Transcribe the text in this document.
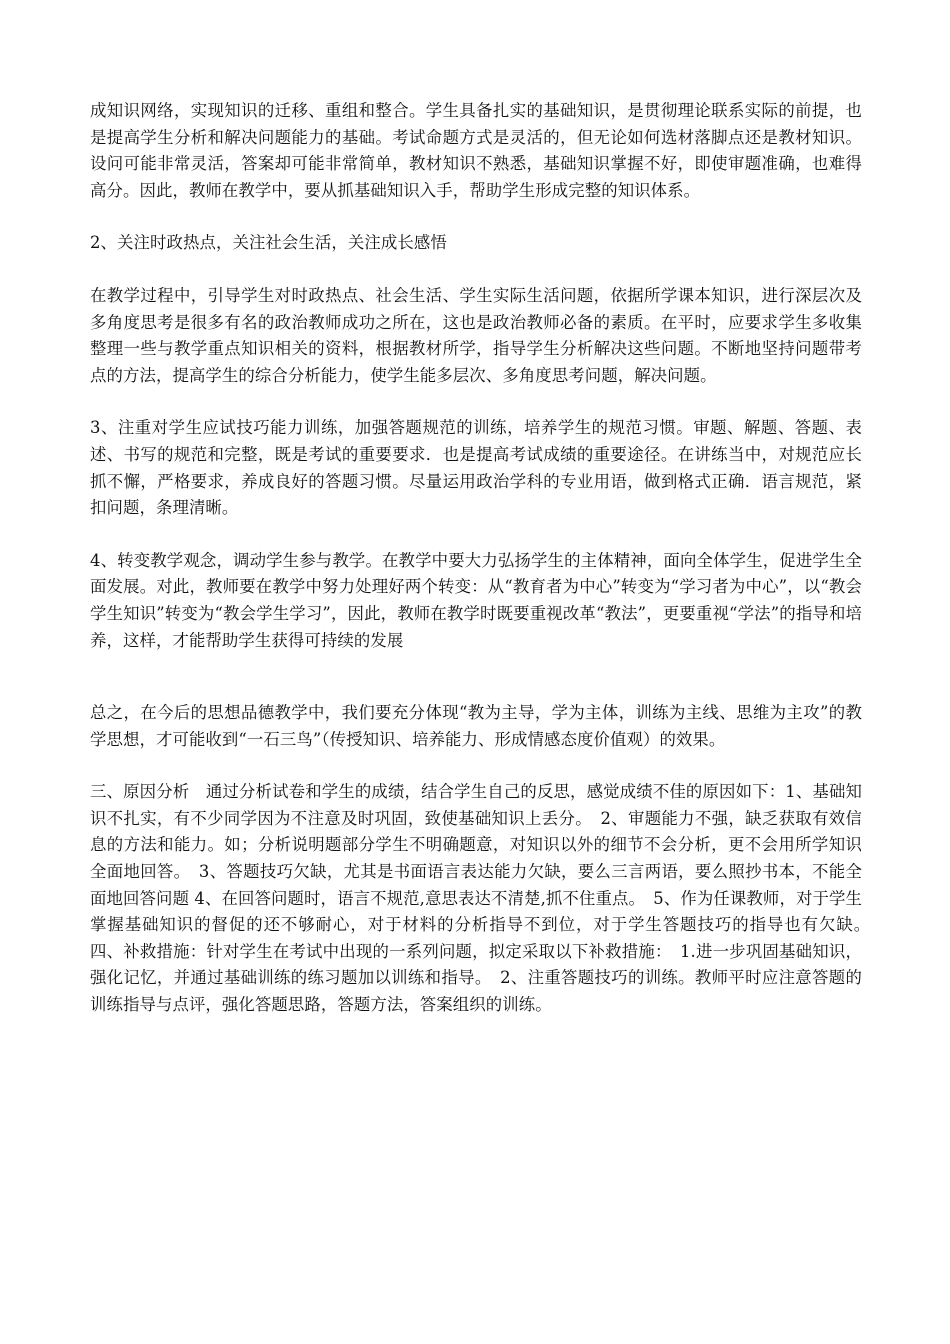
成知识网络，实现知识的迁移、重组和整合。学生具备扎实的基础知识，是贯彻理论联系实际的前提，也是提高学生分析和解决问题能力的基础。考试命题方式是灵活的，但无论如何选材落脚点还是教材知识。设问可能非常灵活，答案却可能非常简单，教材知识不熟悉，基础知识掌握不好，即使审题准确，也难得高分。因此，教师在教学中，要从抓基础知识入手，帮助学生形成完整的知识体系。

2、关注时政热点，关注社会生活，关注成长感悟

在教学过程中，引导学生对时政热点、社会生活、学生实际生活问题，依据所学课本知识，进行深层次及多角度思考是很多有名的政治教师成功之所在，这也是政治教师必备的素质。在平时，应要求学生多收集整理一些与教学重点知识相关的资料，根据教材所学，指导学生分析解决这些问题。不断地坚持问题带考点的方法，提高学生的综合分析能力，使学生能多层次、多角度思考问题，解决问题。

3、注重对学生应试技巧能力训练，加强答题规范的训练，培养学生的规范习惯。审题、解题、答题、表述、书写的规范和完整，既是考试的重要要求．也是提高考试成绩的重要途径。在讲练当中，对规范应长抓不懈，严格要求，养成良好的答题习惯。尽量运用政治学科的专业用语，做到格式正确．语言规范，紧扣问题，条理清晰。

4、转变教学观念，调动学生参与教学。在教学中要大力弘扬学生的主体精神，面向全体学生，促进学生全面发展。对此，教师要在教学中努力处理好两个转变：从“教育者为中心”转变为“学习者为中心”，以“教会学生知识”转变为“教会学生学习”，因此，教师在教学时既要重视改革“教法”，更要重视“学法”的指导和培养，这样，才能帮助学生获得可持续的发展

总之，在今后的思想品德教学中，我们要充分体现“教为主导，学为主体，训练为主线、思维为主攻”的教学思想，才可能收到“一石三鸟”（传授知识、培养能力、形成情感态度价值观）的效果。

三、原因分析　通过分析试卷和学生的成绩，结合学生自己的反思，感觉成绩不佳的原因如下：1、基础知识不扎实，有不少同学因为不注意及时巩固，致使基础知识上丢分。　2、审题能力不强，缺乏获取有效信息的方法和能力。如；分析说明题部分学生不明确题意，对知识以外的细节不会分析，更不会用所学知识全面地回答。　3、答题技巧欠缺，尤其是书面语言表达能力欠缺，要么三言两语，要么照抄书本，不能全面地回答问题 4、在回答问题时，语言不规范,意思表达不清楚,抓不住重点。　5、作为任课教师，对于学生掌握基础知识的督促的还不够耐心，对于材料的分析指导不到位，对于学生答题技巧的指导也有欠缺。　四、补救措施：针对学生在考试中出现的一系列问题，拟定采取以下补救措施：　1.进一步巩固基础知识，强化记忆，并通过基础训练的练习题加以训练和指导。　2、注重答题技巧的训练。教师平时应注意答题的训练指导与点评，强化答题思路，答题方法，答案组织的训练。
